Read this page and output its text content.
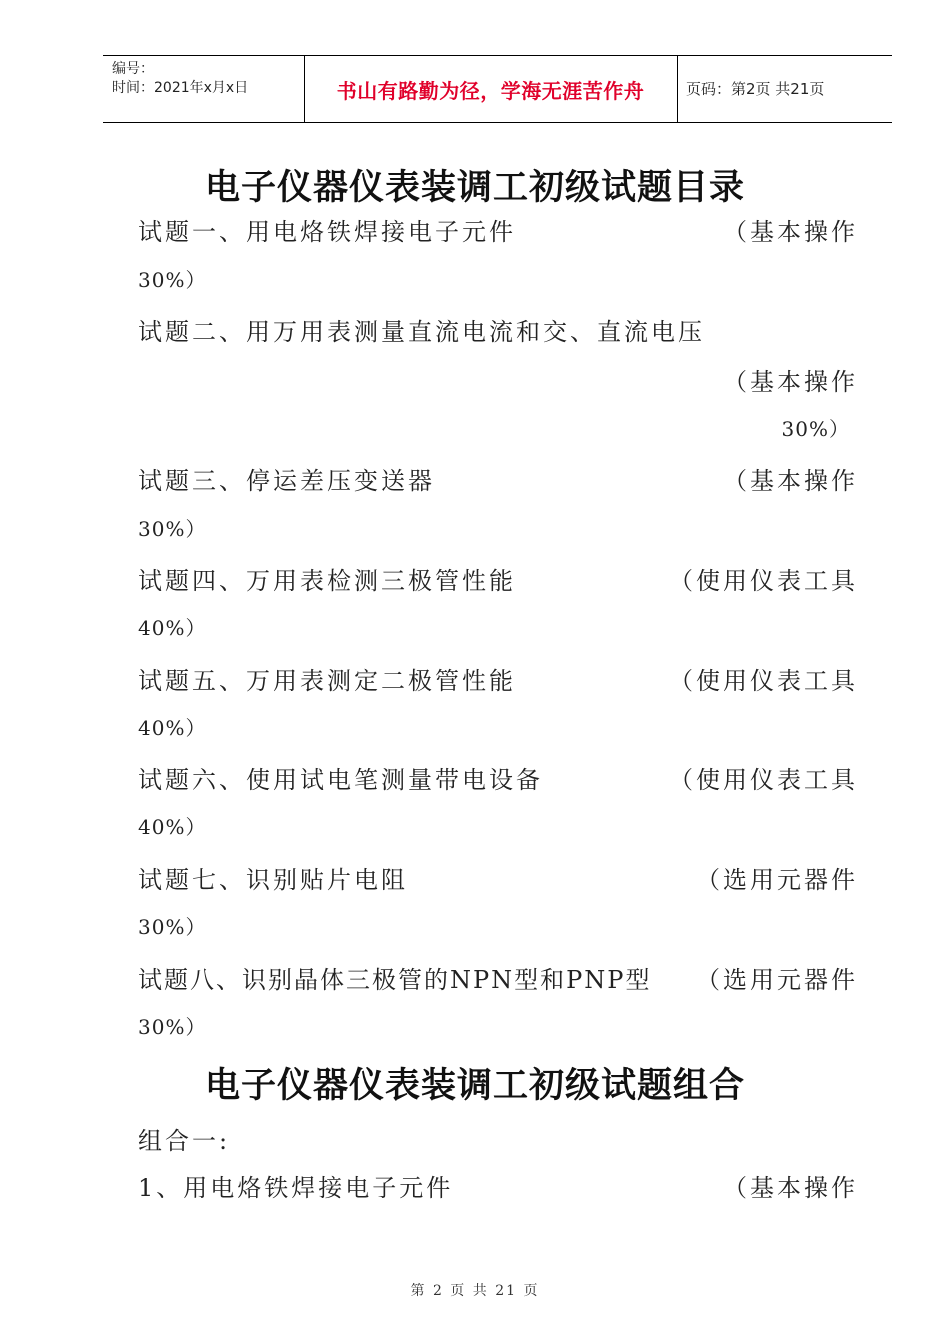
编号：
时间：2021年x月x日	书山有路勤为径，学海无涯苦作舟	页码：第2页 共21页
电子仪器仪表装调工初级试题目录
试题一、用电烙铁焊接电子元件	（基本操作
30%）
试题二、用万用表测量直流电流和交、直流电压
（基本操作
30%）
试题三、停运差压变送器	（基本操作
30%）
试题四、万用表检测三极管性能	（使用仪表工具
40%）
试题五、万用表测定二极管性能	（使用仪表工具
40%）
试题六、使用试电笔测量带电设备	（使用仪表工具
40%）
试题七、识别贴片电阻	（选用元器件
30%）
试题八、识别晶体三极管的NPN型和PNP型 （选用元器件
30%）
电子仪器仪表装调工初级试题组合
组合一:
1、用电烙铁焊接电子元件	（基本操作
第 2 页 共 21 页
